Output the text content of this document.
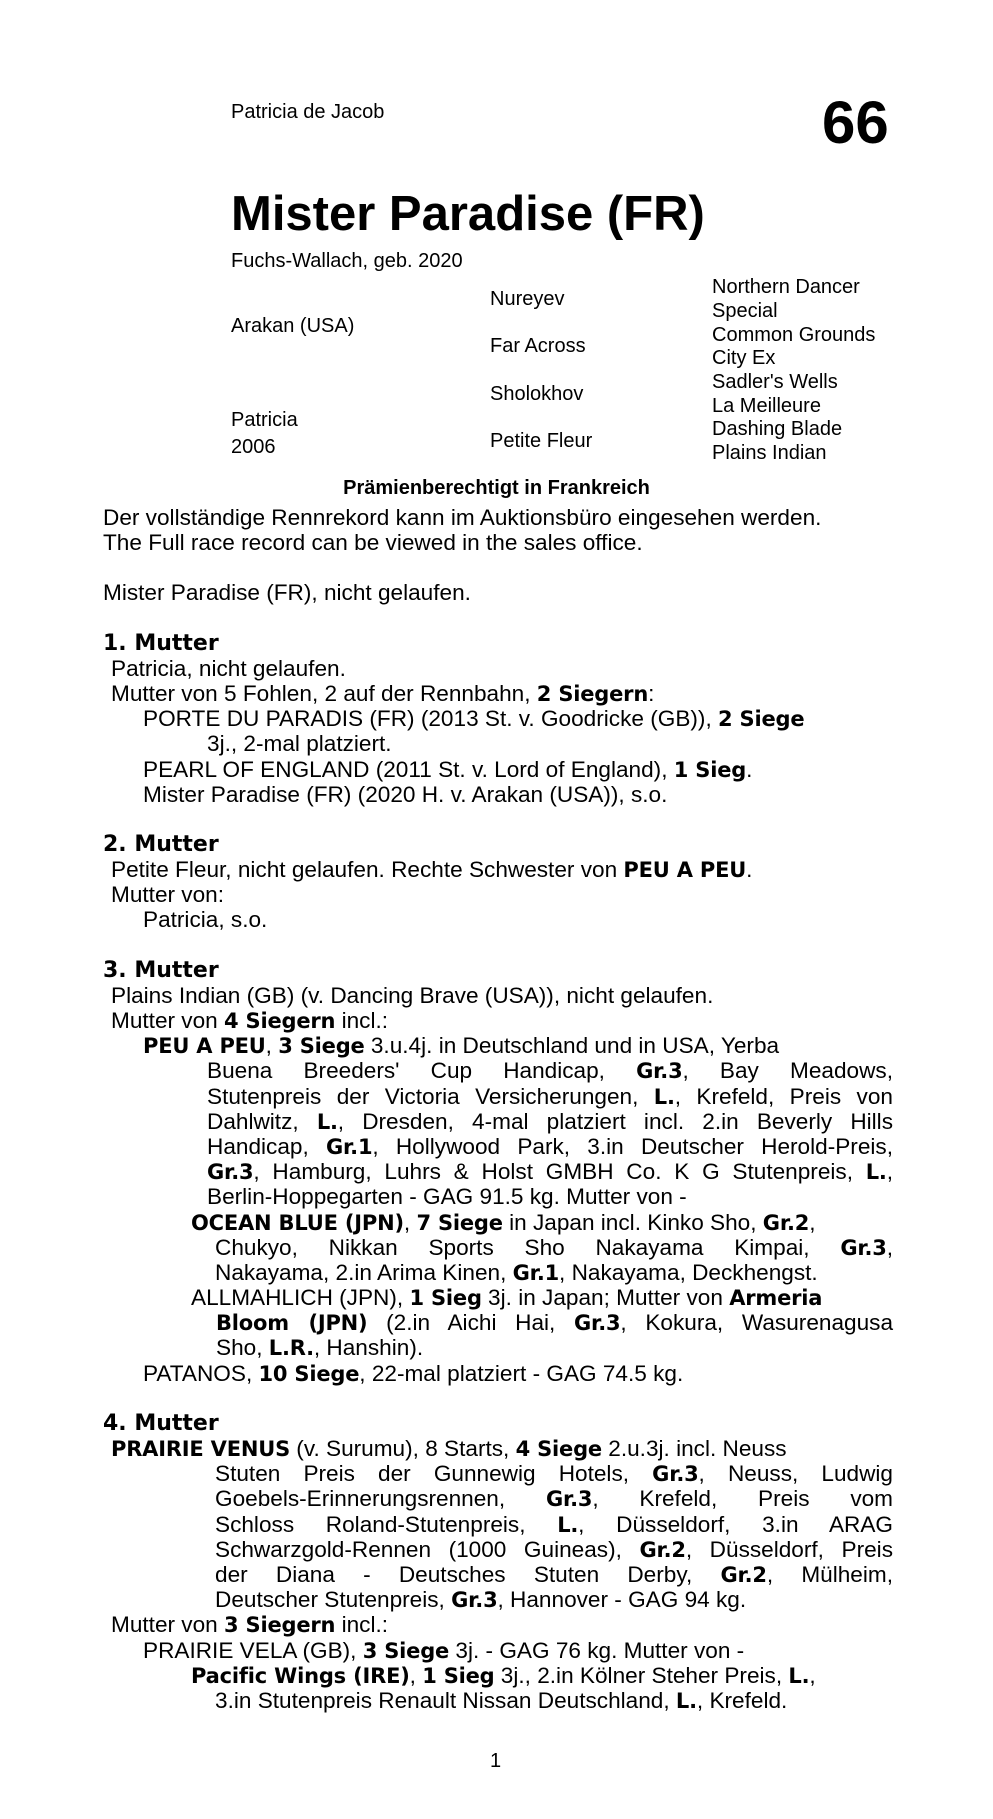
Patricia de Jacob	66
Mister Paradise (FR)
Fuchs-Wallach, geb. 2020
Arakan (USA)
Patricia
2006
Nureyev
Far Across
Sholokhov
Petite Fleur
Northern Dancer
Special
Common Grounds
City Ex
Sadler's Wells
La Meilleure
Dashing Blade
Plains Indian
Prämienberechtigt in Frankreich
Der vollständige Rennrekord kann im Auktionsbüro eingesehen werden.
The Full race record can be viewed in the sales office.
Mister Paradise (FR), nicht gelaufen.
1. Mutter
Patricia, nicht gelaufen.
Mutter von 5 Fohlen, 2 auf der Rennbahn, 2 Siegern:
PORTE DU PARADIS (FR) (2013 St. v. Goodricke (GB)), 2 Siege
3j., 2-mal platziert.
PEARL OF ENGLAND (2011 St. v. Lord of England), 1 Sieg.
Mister Paradise (FR) (2020 H. v. Arakan (USA)), s.o.
2. Mutter
Petite Fleur, nicht gelaufen. Rechte Schwester von PEU A PEU.
Mutter von:
Patricia, s.o.
3. Mutter
Plains Indian (GB) (v. Dancing Brave (USA)), nicht gelaufen.
Mutter von 4 Siegern incl.:
PEU A PEU, 3 Siege 3.u.4j. in Deutschland und in USA, Yerba
Buena Breeders' Cup Handicap, Gr.3, Bay Meadows,
Stutenpreis der Victoria Versicherungen, L., Krefeld, Preis von
Dahlwitz, L., Dresden, 4-mal platziert incl. 2.in Beverly Hills
Handicap, Gr.1, Hollywood Park, 3.in Deutscher Herold-Preis,
Gr.3, Hamburg, Luhrs & Holst GMBH Co. K G Stutenpreis, L.,
Berlin-Hoppegarten - GAG 91.5 kg. Mutter von -
OCEAN BLUE (JPN), 7 Siege in Japan incl. Kinko Sho, Gr.2,
Chukyo, Nikkan Sports Sho Nakayama Kimpai, Gr.3,
Nakayama, 2.in Arima Kinen, Gr.1, Nakayama, Deckhengst.
ALLMAHLICH (JPN), 1 Sieg 3j. in Japan; Mutter von Armeria
Bloom (JPN) (2.in Aichi Hai, Gr.3, Kokura, Wasurenagusa
Sho, L.R., Hanshin).
PATANOS, 10 Siege, 22-mal platziert - GAG 74.5 kg.
4. Mutter
PRAIRIE VENUS (v. Surumu), 8 Starts, 4 Siege 2.u.3j. incl. Neuss
Stuten Preis der Gunnewig Hotels, Gr.3, Neuss, Ludwig
Goebels-Erinnerungsrennen, Gr.3, Krefeld, Preis vom
Schloss Roland-Stutenpreis, L., Düsseldorf, 3.in ARAG
Schwarzgold-Rennen (1000 Guineas), Gr.2, Düsseldorf, Preis
der Diana - Deutsches Stuten Derby, Gr.2, Mülheim,
Deutscher Stutenpreis, Gr.3, Hannover - GAG 94 kg.
Mutter von 3 Siegern incl.:
PRAIRIE VELA (GB), 3 Siege 3j. - GAG 76 kg. Mutter von -
Pacific Wings (IRE), 1 Sieg 3j., 2.in Kölner Steher Preis, L.,
3.in Stutenpreis Renault Nissan Deutschland, L., Krefeld.
1
